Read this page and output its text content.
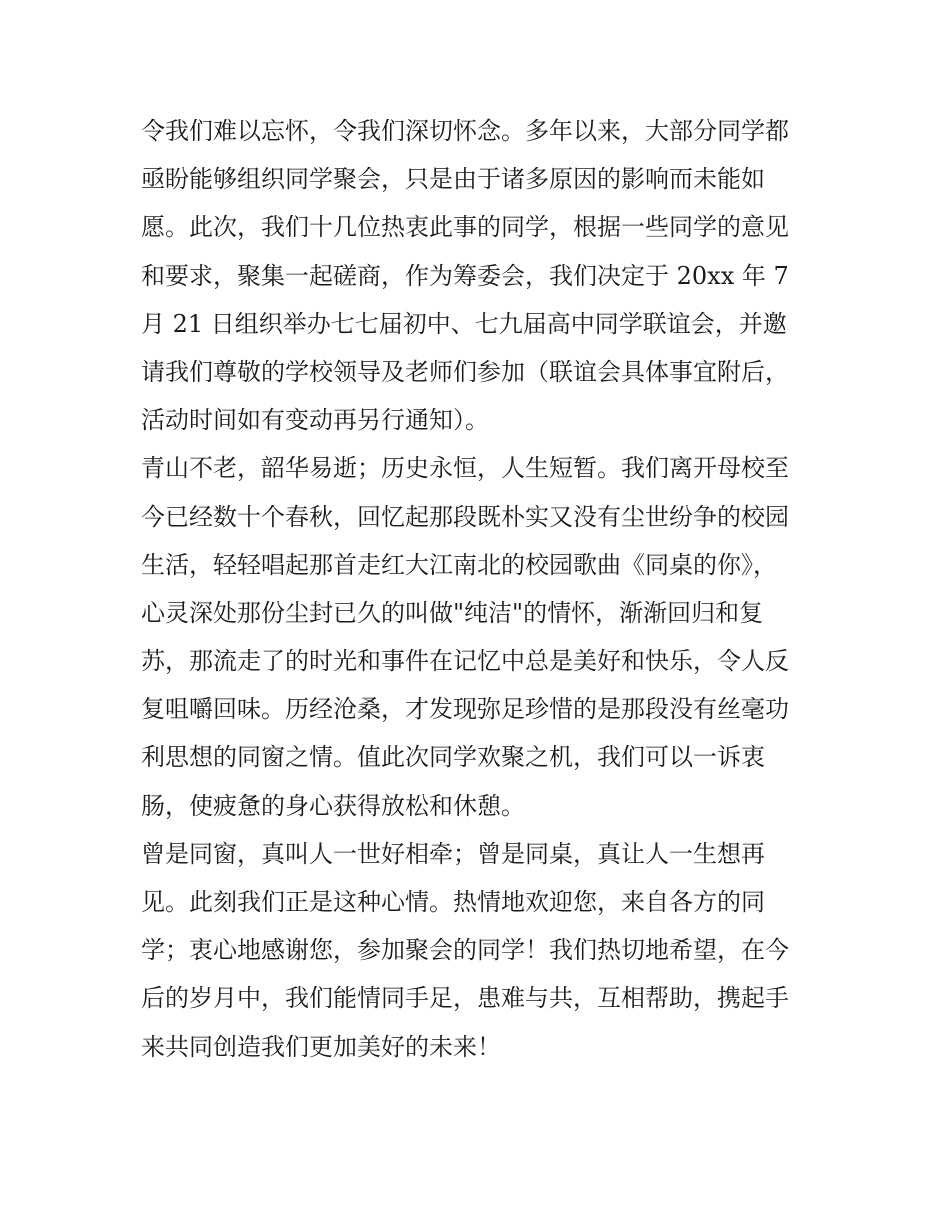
令我们难以忘怀，令我们深切怀念。多年以来，大部分同学都
亟盼能够组织同学聚会，只是由于诸多原因的影响而未能如
愿。此次，我们十几位热衷此事的同学，根据一些同学的意见
和要求，聚集一起磋商，作为筹委会，我们决定于 20xx 年 7
月 21 日组织举办七七届初中、七九届高中同学联谊会，并邀
请我们尊敬的学校领导及老师们参加（联谊会具体事宜附后，
活动时间如有变动再另行通知）。
青山不老，韶华易逝；历史永恒，人生短暂。我们离开母校至
今已经数十个春秋，回忆起那段既朴实又没有尘世纷争的校园
生活，轻轻唱起那首走红大江南北的校园歌曲《同桌的你》，
心灵深处那份尘封已久的叫做"纯洁"的情怀，渐渐回归和复
苏，那流走了的时光和事件在记忆中总是美好和快乐，令人反
复咀嚼回味。历经沧桑，才发现弥足珍惜的是那段没有丝毫功
利思想的同窗之情。值此次同学欢聚之机，我们可以一诉衷
肠，使疲惫的身心获得放松和休憩。
曾是同窗，真叫人一世好相牵；曾是同桌，真让人一生想再
见。此刻我们正是这种心情。热情地欢迎您，来自各方的同
学；衷心地感谢您，参加聚会的同学！我们热切地希望，在今
后的岁月中，我们能情同手足，患难与共，互相帮助，携起手
来共同创造我们更加美好的未来！
